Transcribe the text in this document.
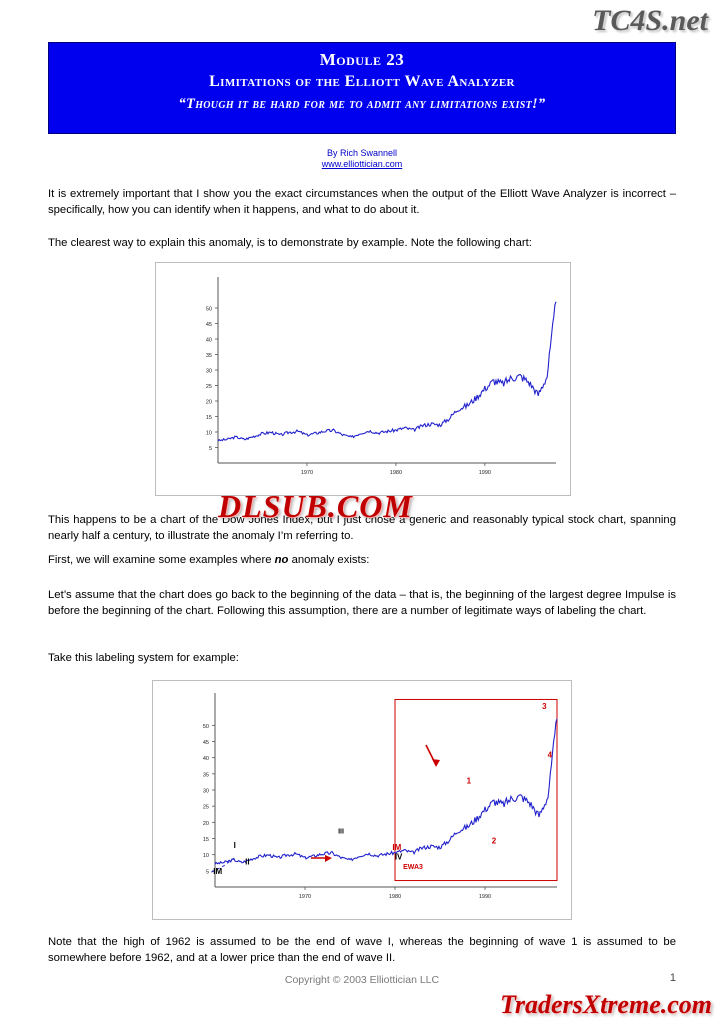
TC4S.net
Module 23
Limitations of the Elliott Wave Analyzer
“Though it be hard for me to admit any limitations exist!”
By Rich Swannell
www.elliottician.com
It is extremely important that I show you the exact circumstances when the output of the Elliott Wave Analyzer is incorrect – specifically, how you can identify when it happens, and what to do about it.
The clearest way to explain this anomaly, is to demonstrate by example. Note the following chart:
5
10
15
20
25
30
35
40
45
50
1970	1980	1990
This happens to be a chart of the Dow Jones Index, but I just chose a generic and reasonably typical stock chart, spanning nearly half a century, to illustrate the anomaly I’m referring to.
First, we will examine some examples where no anomaly exists:
Let’s assume that the chart does go back to the beginning of the data – that is, the beginning of the largest degree Impulse is before the beginning of the chart. Following this assumption, there are a number of legitimate ways of labeling the chart.
Take this labeling system for example:
5
10
15
20
25
30
35
40
45
50
1970	1980	1990
IM
I
II
III
IM
IV
1
2
3
4
EWA3
Note that the high of 1962 is assumed to be the end of wave I, whereas the beginning of wave 1 is assumed to be somewhere before 1962, and at a lower price than the end of wave II.
DLSUB.COM
Copyright © 2003 Elliottician LLC	1
TradersXtreme.com
